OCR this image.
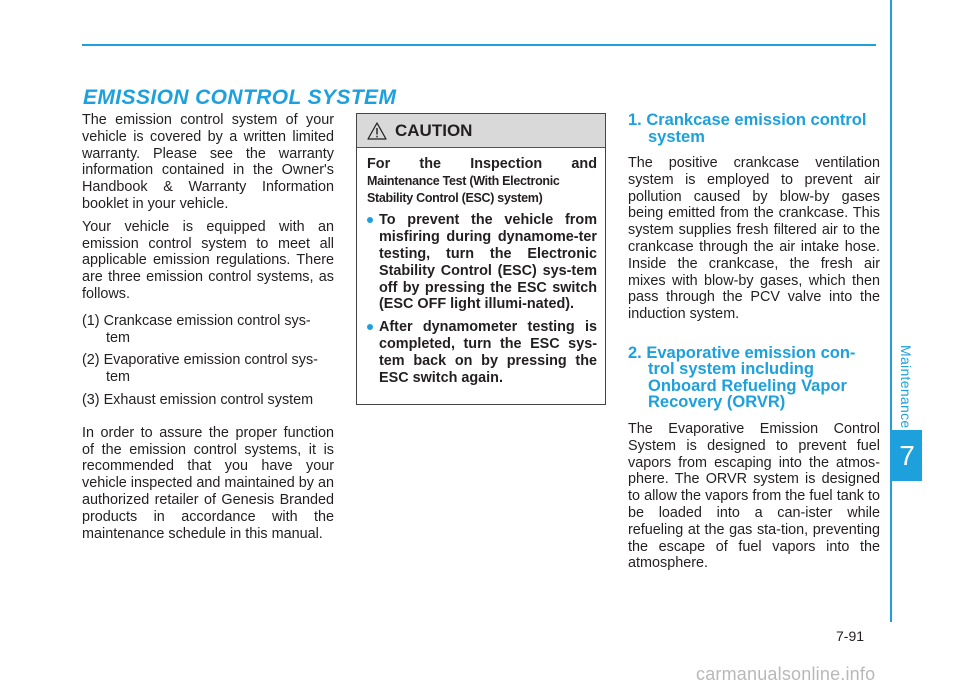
Maintenance
7
EMISSION CONTROL SYSTEM

The emission control system of your vehicle is covered by a written limited warranty. Please see the warranty information contained in the Owner's Handbook & Warranty Information booklet in your vehicle.

Your vehicle is equipped with an emission control system to meet all applicable emission regulations. There are three emission control systems, as follows.

(1) Crankcase emission control sys-tem
(2) Evaporative emission control sys-tem
(3) Exhaust emission control system

In order to assure the proper function of the emission control systems, it is recommended that you have your vehicle inspected and maintained by an authorized retailer of Genesis Branded products in accordance with the maintenance schedule in this manual.

CAUTION
For the Inspection and
Maintenance Test (With Electronic Stability Control (ESC) system)
To prevent the vehicle from misfiring during dynamome-ter testing, turn the Electronic Stability Control (ESC) sys-tem off by pressing the ESC switch (ESC OFF light illumi-nated).
After dynamometer testing is completed, turn the ESC sys-tem back on by pressing the ESC switch again.
1. Crankcase emission control
system

The positive crankcase ventilation system is employed to prevent air pollution caused by blow-by gases being emitted from the crankcase. This system supplies fresh filtered air to the crankcase through the air intake hose. Inside the crankcase, the fresh air mixes with blow-by gases, which then pass through the PCV valve into the induction system.

2. Evaporative emission con-
trol system including
Onboard Refueling Vapor
Recovery (ORVR)

The Evaporative Emission Control System is designed to prevent fuel vapors from escaping into the atmos-phere. The ORVR system is designed to allow the vapors from the fuel tank to be loaded into a can-ister while refueling at the gas sta-tion, preventing the escape of fuel vapors into the atmosphere.

7-91
carmanualsonline.info
